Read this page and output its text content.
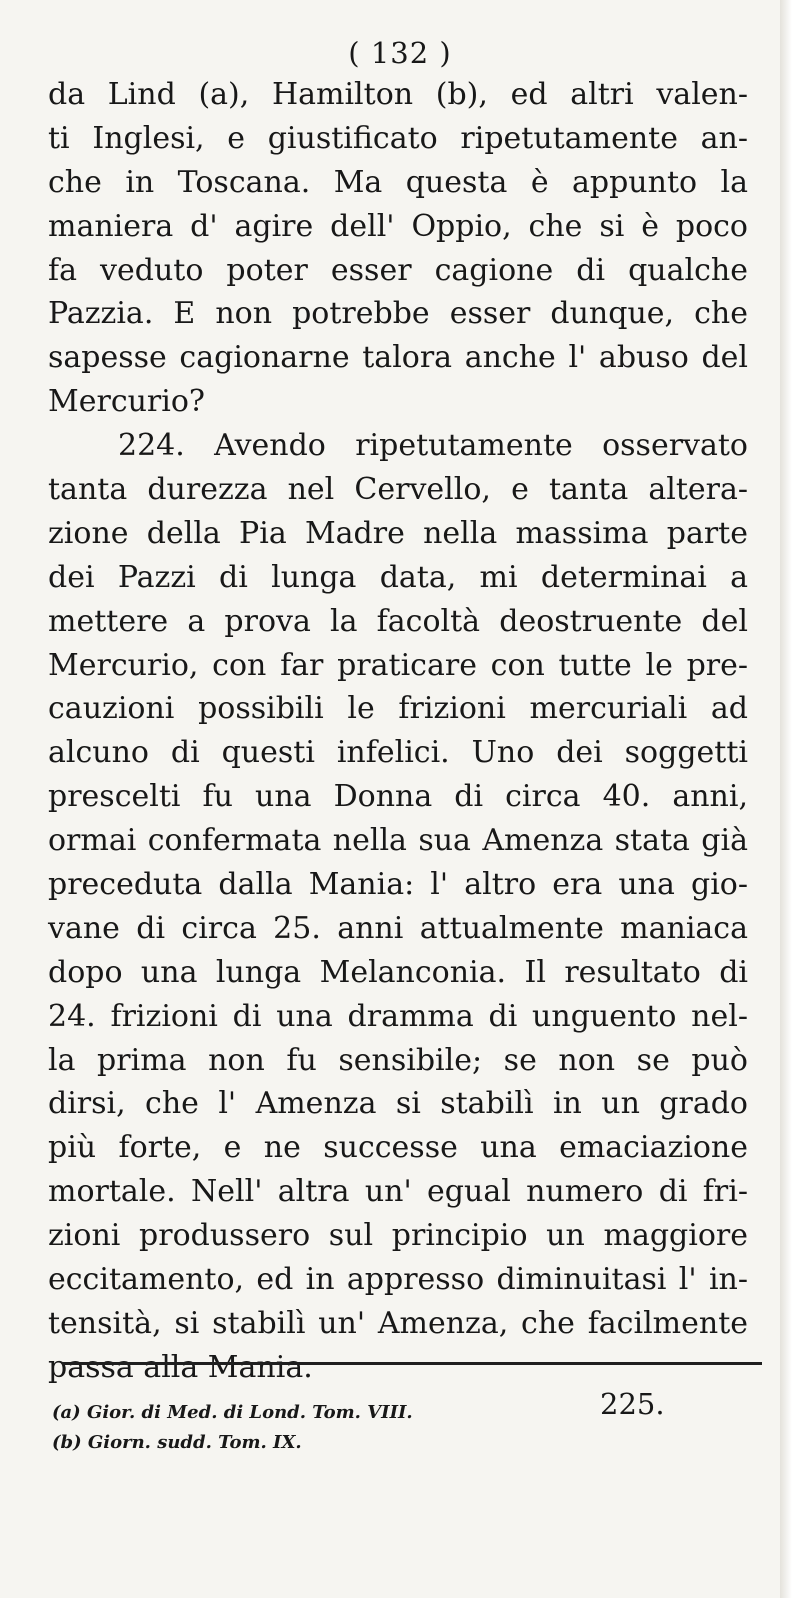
( 132 )
da Lind (a), Hamilton (b), ed altri valen-
ti Inglesi, e giustificato ripetutamente an-
che in Toscana. Ma questa è appunto la
maniera d' agire dell' Oppio, che si è poco
fa veduto poter esser cagione di qualche
Pazzia. E non potrebbe esser dunque, che
sapesse cagionarne talora anche l' abuso del
Mercurio?
224. Avendo ripetutamente osservato
tanta durezza nel Cervello, e tanta altera-
zione della Pia Madre nella massima parte
dei Pazzi di lunga data, mi determinai a
mettere a prova la facoltà deostruente del
Mercurio, con far praticare con tutte le pre-
cauzioni possibili le frizioni mercuriali ad
alcuno di questi infelici. Uno dei soggetti
prescelti fu una Donna di circa 40. anni,
ormai confermata nella sua Amenza stata già
preceduta dalla Mania: l' altro era una gio-
vane di circa 25. anni attualmente maniaca
dopo una lunga Melanconia. Il resultato di
24. frizioni di una dramma di unguento nel-
la prima non fu sensibile; se non se può
dirsi, che l' Amenza si stabilì in un grado
più forte, e ne successe una emaciazione
mortale. Nell' altra un' egual numero di fri-
zioni produssero sul principio un maggiore
eccitamento, ed in appresso diminuitasi l' in-
tensità, si stabilì un' Amenza, che facilmente
passa alla Mania.
225.
(a) Gior. di Med. di Lond. Tom. VIII.
(b) Giorn. sudd. Tom. IX.
